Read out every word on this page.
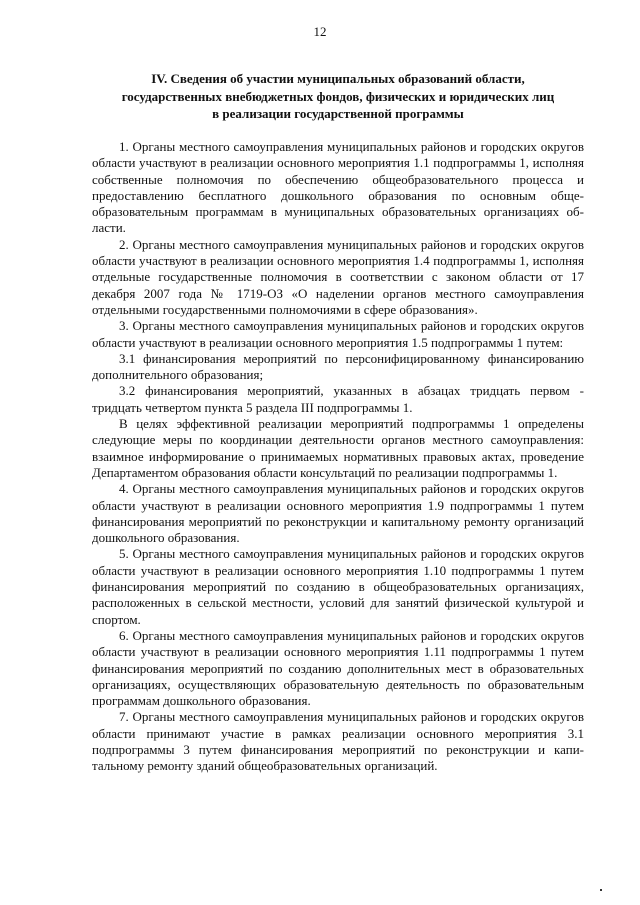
12
IV. Сведения об участии муниципальных образований области,
государственных внебюджетных фондов, физических и юридических лиц
в реализации государственной программы

1. Органы местного самоуправления муниципальных районов и городских округов области участвуют в реализации основного мероприятия 1.1 подпрограммы 1, исполняя собственные полномочия по обеспечению общеобразовательного процесса и предоставлению бесплатного дошкольного образования по основным общеобразовательным программам в муниципальных образовательных организациях области.

2. Органы местного самоуправления муниципальных районов и городских округов области участвуют в реализации основного мероприятия 1.4 подпрограммы 1, исполняя отдельные государственные полномочия в соответствии с законом области от 17 декабря 2007 года № 1719-ОЗ «О наделении органов местного самоуправления отдельными государственными полномочиями в сфере образования».

3. Органы местного самоуправления муниципальных районов и городских округов области участвуют в реализации основного мероприятия 1.5 подпрограммы 1 путем:

3.1 финансирования мероприятий по персонифицированному финансированию дополнительного образования;

3.2 финансирования мероприятий, указанных в абзацах тридцать первом - тридцать четвертом пункта 5 раздела III подпрограммы 1.

В целях эффективной реализации мероприятий подпрограммы 1 определены следующие меры по координации деятельности органов местного самоуправления: взаимное информирование о принимаемых нормативных правовых актах, проведение Департаментом образования области консультаций по реализации подпрограммы 1.

4. Органы местного самоуправления муниципальных районов и городских округов области участвуют в реализации основного мероприятия 1.9 подпрограммы 1 путем финансирования мероприятий по реконструкции и капитальному ремонту организаций дошкольного образования.

5. Органы местного самоуправления муниципальных районов и городских округов области участвуют в реализации основного мероприятия 1.10 подпрограммы 1 путем финансирования мероприятий по созданию в общеобразовательных организациях, расположенных в сельской местности, условий для занятий физической культурой и спортом.

6. Органы местного самоуправления муниципальных районов и городских округов области участвуют в реализации основного мероприятия 1.11 подпрограммы 1 путем финансирования мероприятий по созданию дополнительных мест в образовательных организациях, осуществляющих образовательную деятельность по образовательным программам дошкольного образования.

7. Органы местного самоуправления муниципальных районов и городских округов области принимают участие в рамках реализации основного мероприятия 3.1 подпрограммы 3 путем финансирования мероприятий по реконструкции и капитальному ремонту зданий общеобразовательных организаций.
